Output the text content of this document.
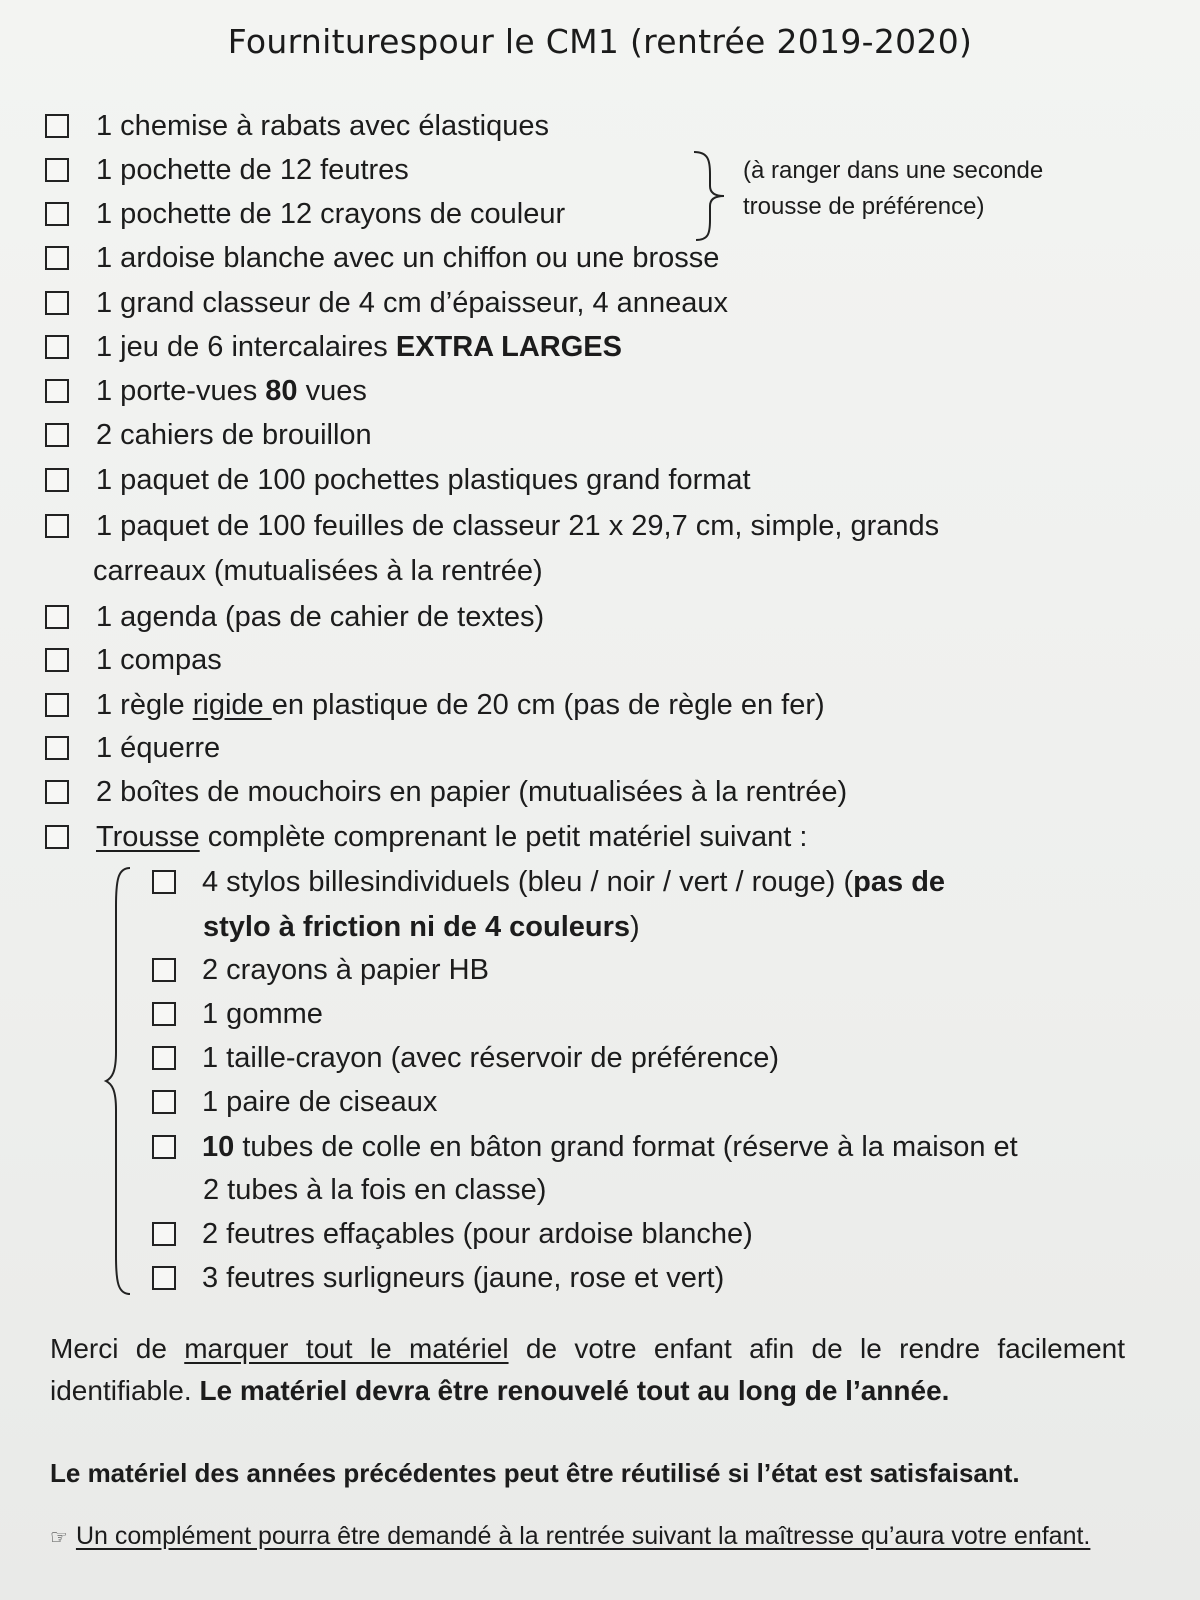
Fourniturespour le CM1 (rentrée 2019-2020)
1 chemise à rabats avec élastiques
1 pochette de 12 feutres
1 pochette de 12 crayons de couleur
(à ranger dans une seconde
trousse de préférence)
1 ardoise blanche avec un chiffon ou une brosse
1 grand classeur de 4 cm d’épaisseur, 4 anneaux
1 jeu de 6 intercalaires EXTRA LARGES
1 porte-vues 80 vues
2 cahiers de brouillon
1 paquet de 100 pochettes plastiques grand format
1 paquet de 100 feuilles de classeur 21 x 29,7 cm, simple, grands
carreaux (mutualisées à la rentrée)
1 agenda (pas de cahier de textes)
1 compas
1 règle rigide en plastique de 20 cm (pas de règle en fer)
1 équerre
2 boîtes de mouchoirs en papier (mutualisées à la rentrée)
Trousse complète comprenant le petit matériel suivant :
4 stylos billesindividuels (bleu / noir / vert / rouge) (pas de
stylo à friction ni de 4 couleurs)
2 crayons à papier HB
1 gomme
1 taille-crayon (avec réservoir de préférence)
1 paire de ciseaux
10 tubes de colle en bâton grand format (réserve à la maison et
2 tubes à la fois en classe)
2 feutres effaçables (pour ardoise blanche)
3 feutres surligneurs (jaune, rose et vert)
Merci de marquer tout le matériel de votre enfant afin de le rendre facilement identifiable. Le matériel devra être renouvelé tout au long de l’année.
Le matériel des années précédentes peut être réutilisé si l’état est satisfaisant.
☞ Un complément pourra être demandé à la rentrée suivant la maîtresse qu’aura votre enfant.
